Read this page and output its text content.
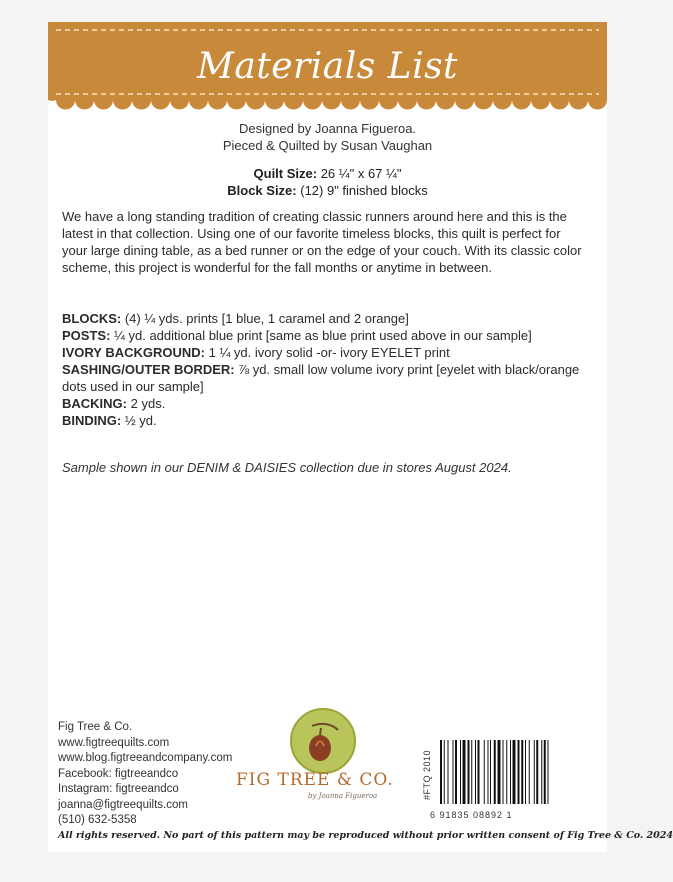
Materials List
Designed by Joanna Figueroa.
Pieced & Quilted by Susan Vaughan
Quilt Size: 26 ¼" x 67 ¼"
Block Size: (12) 9" finished blocks
We have a long standing tradition of creating classic runners around here and this is the latest in that collection. Using one of our favorite timeless blocks, this quilt is perfect for your large dining table, as a bed runner or on the edge of your couch. With its classic color scheme, this project is wonderful for the fall months or anytime in between.
BLOCKS: (4) ¼ yds. prints [1 blue, 1 caramel and 2 orange]
POSTS: ¼ yd. additional blue print [same as blue print used above in our sample]
IVORY BACKGROUND: 1 ¼ yd. ivory solid -or- ivory EYELET print
SASHING/OUTER BORDER: ⅞ yd. small low volume ivory print [eyelet with black/orange dots used in our sample]
BACKING: 2 yds.
BINDING: ½ yd.
Sample shown in our DENIM & DAISIES collection due in stores August 2024.
Fig Tree & Co.
www.figtreequilts.com
www.blog.figtreeandcompany.com
Facebook: figtreeandco
Instagram: figtreeandco
joanna@figtreequilts.com
(510) 632-5358
FIG TREE & CO.
by Joanna Figueroa	#FTQ 2010
6 91835 08892 1
All rights reserved. No part of this pattern may be reproduced without prior written consent of Fig Tree & Co. 2024
